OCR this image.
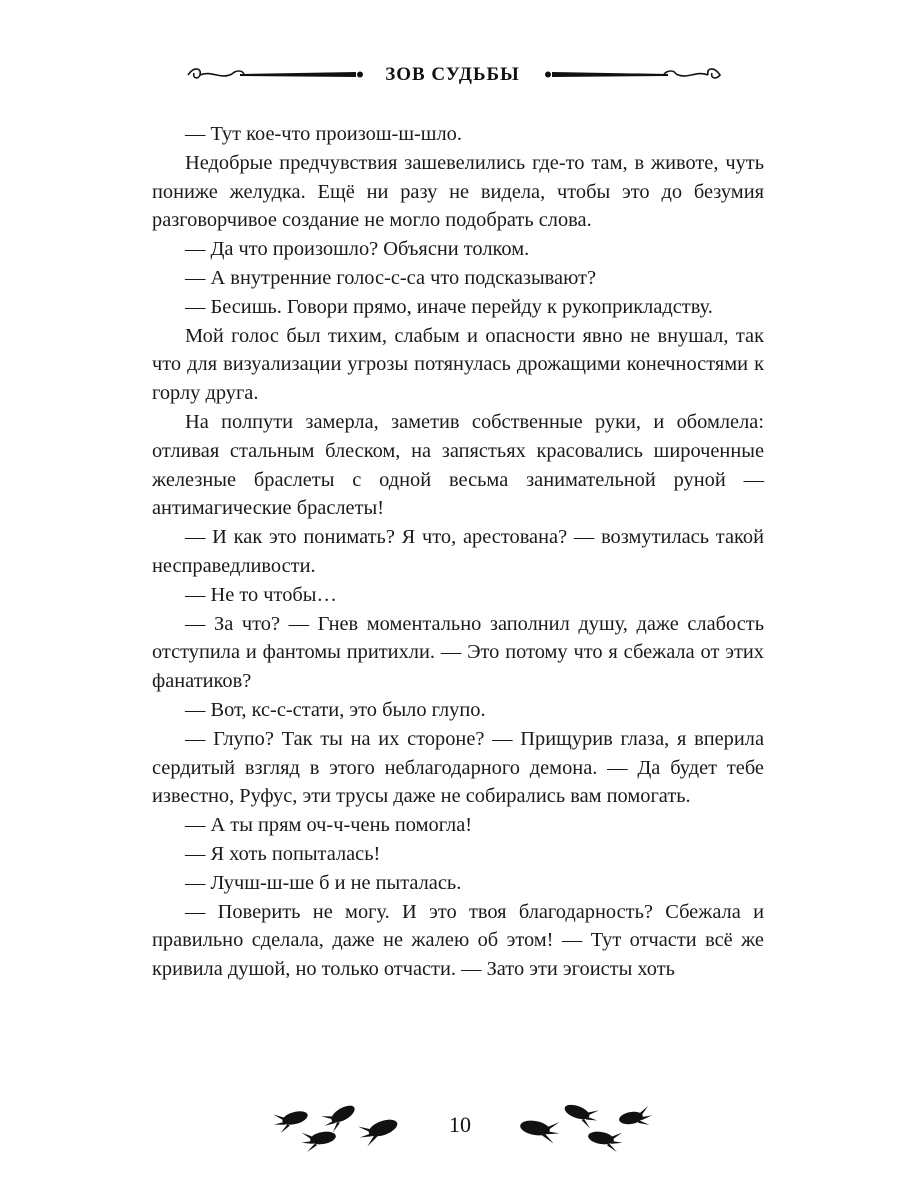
ЗОВ СУДЬБЫ

— Тут кое-что произош-ш-шло.

Недобрые предчувствия зашевелились где-то там, в животе, чуть пониже желудка. Ещё ни разу не видела, чтобы это до безумия разговорчивое создание не могло подобрать слова.

— Да что произошло? Объясни толком.

— А внутренние голос-с-са что подсказывают?

— Бесишь. Говори прямо, иначе перейду к рукоприкладству.

Мой голос был тихим, слабым и опасности явно не внушал, так что для визуализации угрозы потянулась дрожащими конечностями к горлу друга.

На полпути замерла, заметив собственные руки, и обомлела: отливая стальным блеском, на запястьях красовались широченные железные браслеты с одной весьма занимательной руной — антимагические браслеты!

— И как это понимать? Я что, арестована? — возмутилась такой несправедливости.

— Не то чтобы…

— За что? — Гнев моментально заполнил душу, даже слабость отступила и фантомы притихли. — Это потому что я сбежала от этих фанатиков?

— Вот, кс-с-стати, это было глупо.

— Глупо? Так ты на их стороне? — Прищурив глаза, я вперила сердитый взгляд в этого неблагодарного демона. — Да будет тебе известно, Руфус, эти трусы даже не собирались вам помогать.

— А ты прям оч-ч-чень помогла!

— Я хоть попыталась!

— Лучш-ш-ше б и не пыталась.

— Поверить не могу. И это твоя благодарность? Сбежала и правильно сделала, даже не жалею об этом! — Тут отчасти всё же кривила душой, но только отчасти. — Зато эти эгоисты хоть

10
